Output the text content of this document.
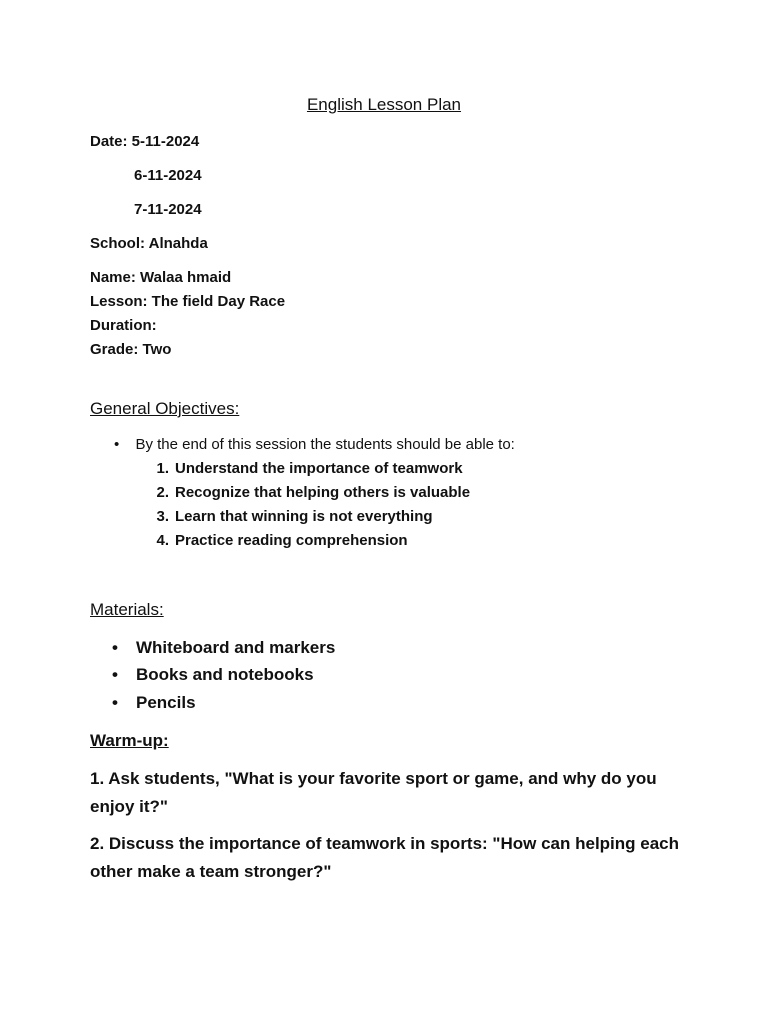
English Lesson Plan
Date: 5-11-2024
6-11-2024
7-11-2024
School: Alnahda
Name: Walaa hmaid
Lesson: The field Day Race
Duration:
Grade: Two
General Objectives:
• By the end of this session the students should be able to:
1. Understand the importance of teamwork
2. Recognize that helping others is valuable
3. Learn that winning is not everything
4. Practice reading comprehension
Materials:
• Whiteboard and markers
• Books and notebooks
• Pencils
Warm-up:
1. Ask students, "What is your favorite sport or game, and why do you enjoy it?"
2. Discuss the importance of teamwork in sports: "How can helping each other make a team stronger?"
